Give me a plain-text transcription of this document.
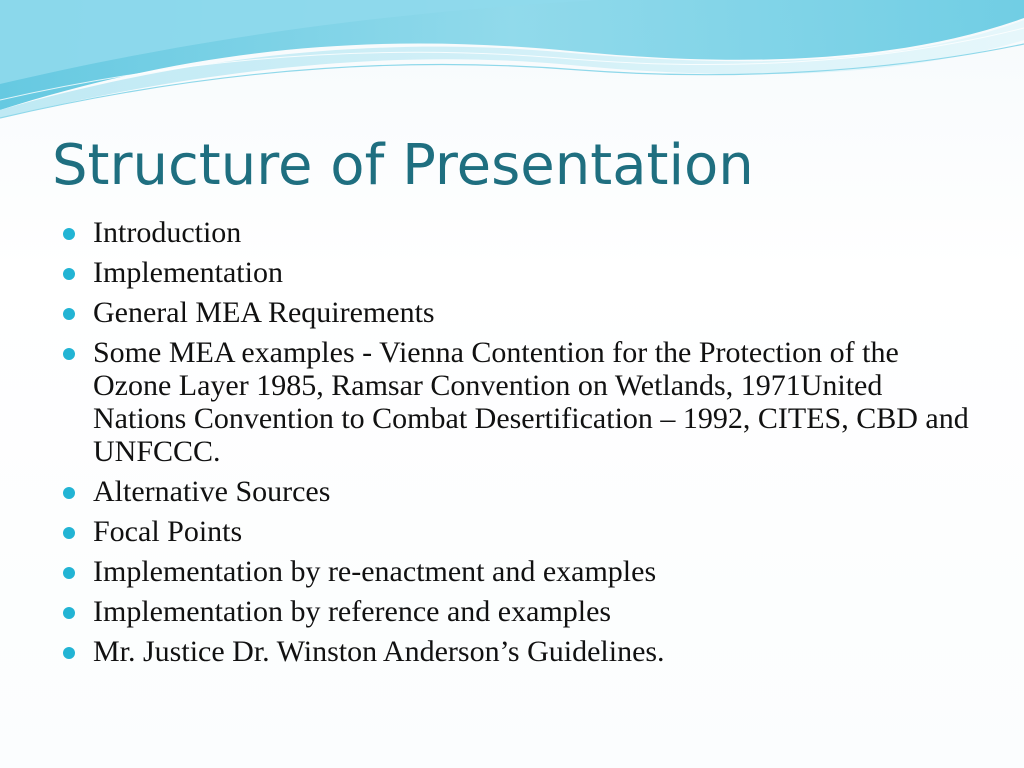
Structure of Presentation
Introduction
Implementation
General MEA Requirements
Some MEA examples - Vienna Contention for the Protection of the Ozone Layer 1985, Ramsar Convention on Wetlands, 1971United Nations Convention to Combat Desertification – 1992, CITES, CBD and UNFCCC.
Alternative Sources
Focal Points
Implementation by re-enactment and examples
Implementation by reference and examples
Mr. Justice Dr. Winston Anderson’s Guidelines.
